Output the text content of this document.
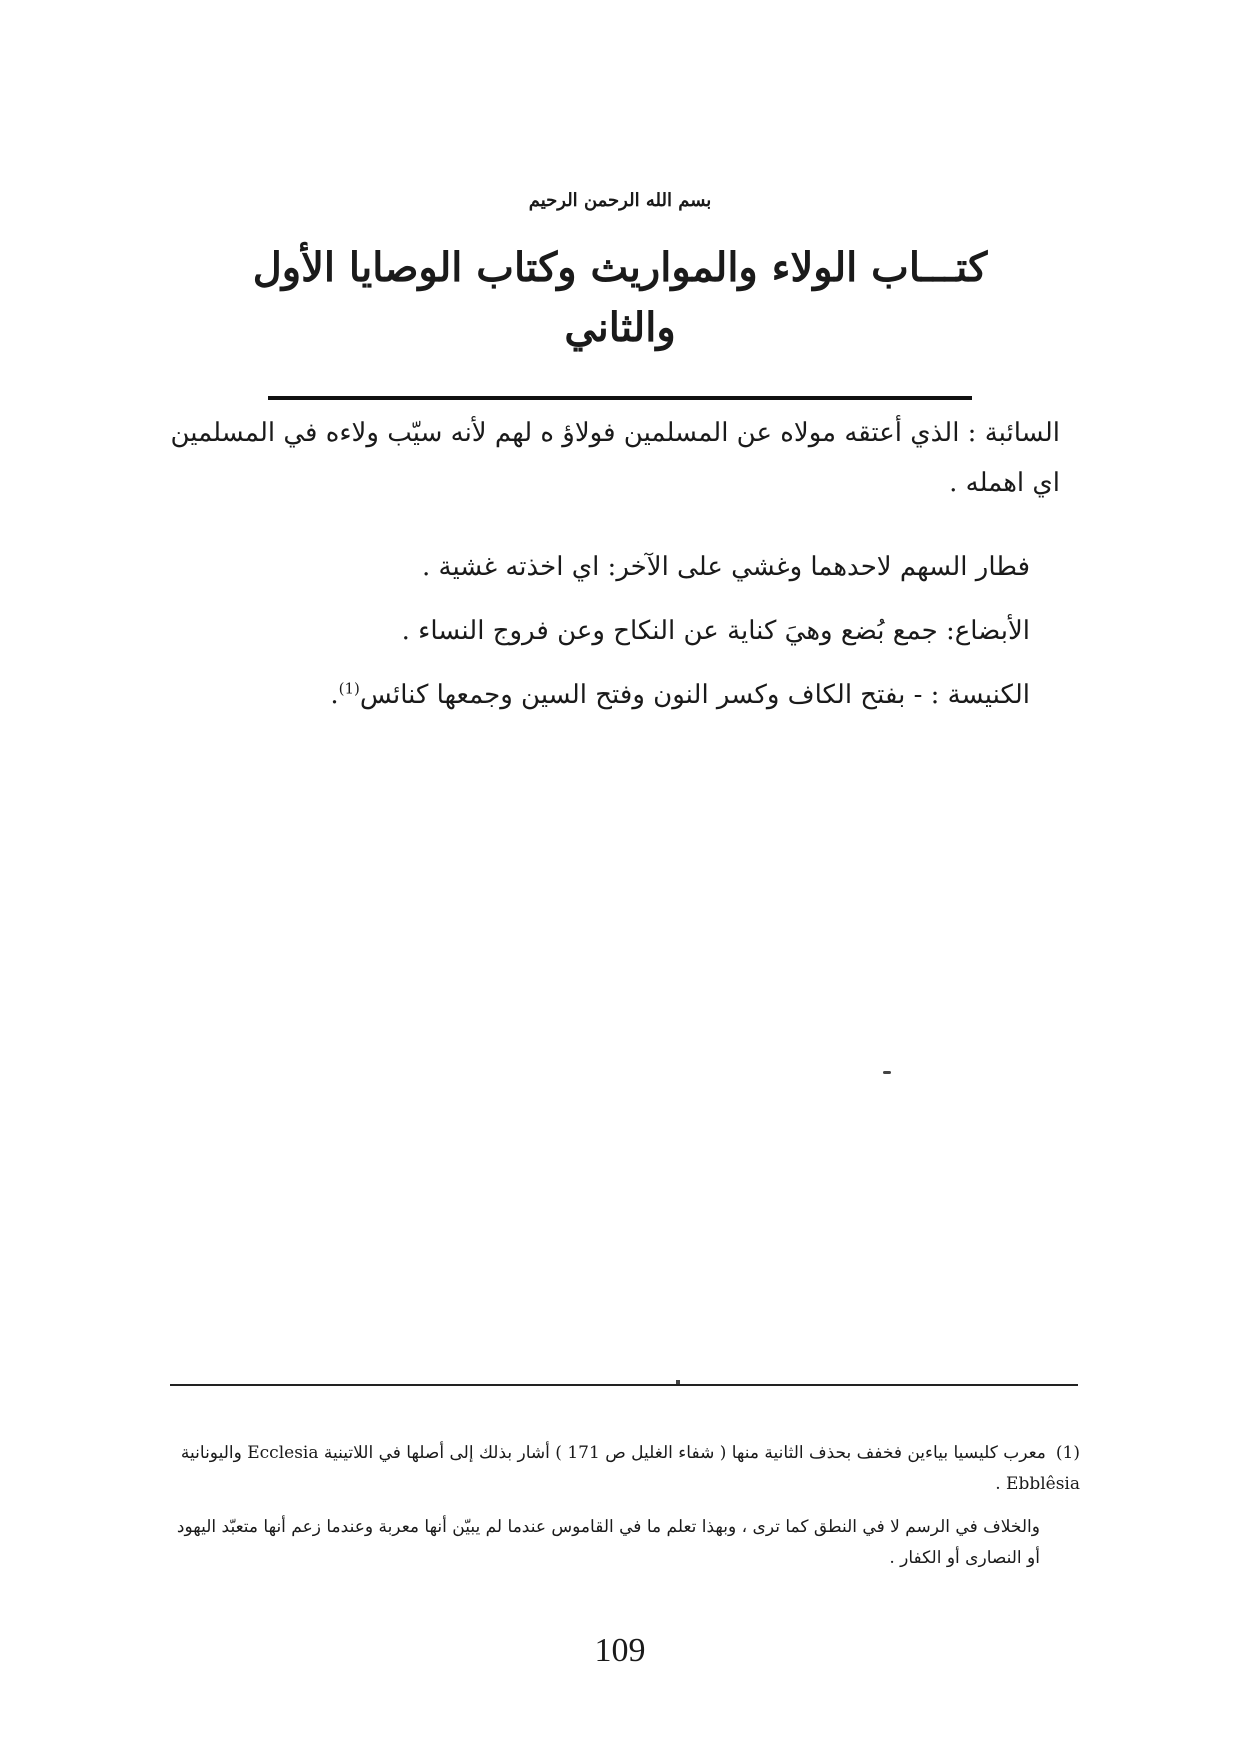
بسم الله الرحمن الرحيم
كتـــاب الولاء والمواريث وكتاب الوصايا الأول والثاني

السائبة : الذي أعتقه مولاه عن المسلمين فولاؤ ه لهم لأنه سيّب ولاءه في المسلمين اي اهمله .

فطار السهم لاحدهما وغشي على الآخر: اي اخذته غشية .

الأبضاع: جمع بُضع وهيَ كناية عن النكاح وعن فروج النساء .

الكنيسة : - بفتح الكاف وكسر النون وفتح السين وجمعها كنائس$^{(1)}$.

(1)معرب كليسيا بياءين فخفف بحذف الثانية منها ( شفاء الغليل ص 171 ) أشار بذلك إلى أصلها في اللاتينية Ecclesia واليونانية Ebblêsia .

والخلاف في الرسم لا في النطق كما ترى ، وبهذا تعلم ما في القاموس عندما لم يبيّن أنها معربة وعندما زعم أنها متعبّد اليهود أو النصارى أو الكفار .

109
